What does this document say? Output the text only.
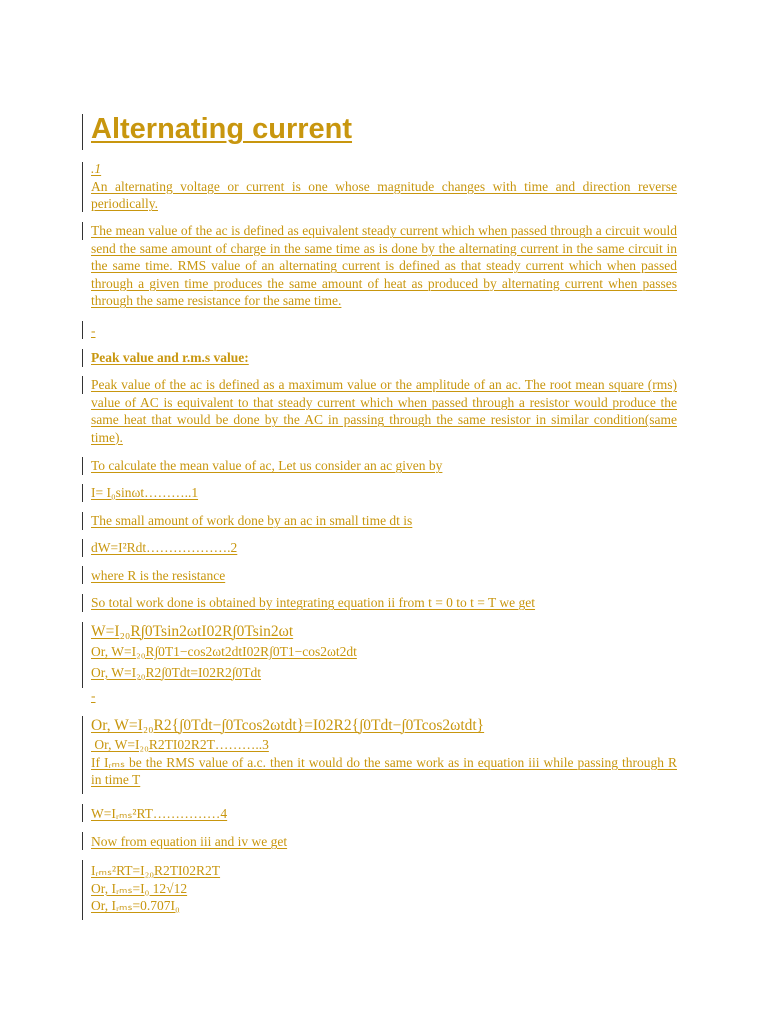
Alternating current
.1
An alternating voltage or current is one whose magnitude changes with time and direction reverse periodically.
The mean value of the ac is defined as equivalent steady current which when passed through a circuit would send the same amount of charge in the same time as is done by the alternating current in the same circuit in the same time. RMS value of an alternating current is defined as that steady current which when passed through a given time produces the same amount of heat as produced by alternating current when passes through the same resistance for the same time.
-
Peak value and r.m.s value:
Peak value of the ac is defined as a maximum value or the amplitude of an ac. The root mean square (rms) value of AC is equivalent to that steady current which when passed through a resistor would produce the same heat that would be done by the AC in passing through the same resistor in similar condition(same time).
To calculate the mean value of ac, Let us consider an ac given by
I= I₀sinωt………..1
The small amount of work done by an ac in small time dt is
dW=I²Rdt……………….2
where R is the resistance
So total work done is obtained by integrating equation ii from t = 0 to t = T we get
W=I₂₀R∫0Tsin2ωtI02R∫0Tsin2ωt
Or, W=I₂₀R∫0T1−cos2ωt2dtI02R∫0T1−cos2ωt2dt
Or, W=I₂₀R2∫0Tdt=I02R2∫0Tdt
-
Or, W=I₂₀R2{∫0Tdt−∫0Tcos2ωtdt}=I02R2{∫0Tdt−∫0Tcos2ωtdt}
Or, W=I₂₀R2TI02R2T………..3
If Iᵣₘₛ be the RMS value of a.c. then it would do the same work as in equation iii while passing through R in time T
W=Iᵣₘₛ²RT……………4
Now from equation iii and iv we get
Iᵣₘₛ²RT=I₂₀R2TI02R2T
Or, Iᵣₘₛ=I₀ 12√12
Or, Iᵣₘₛ=0.707I₀
